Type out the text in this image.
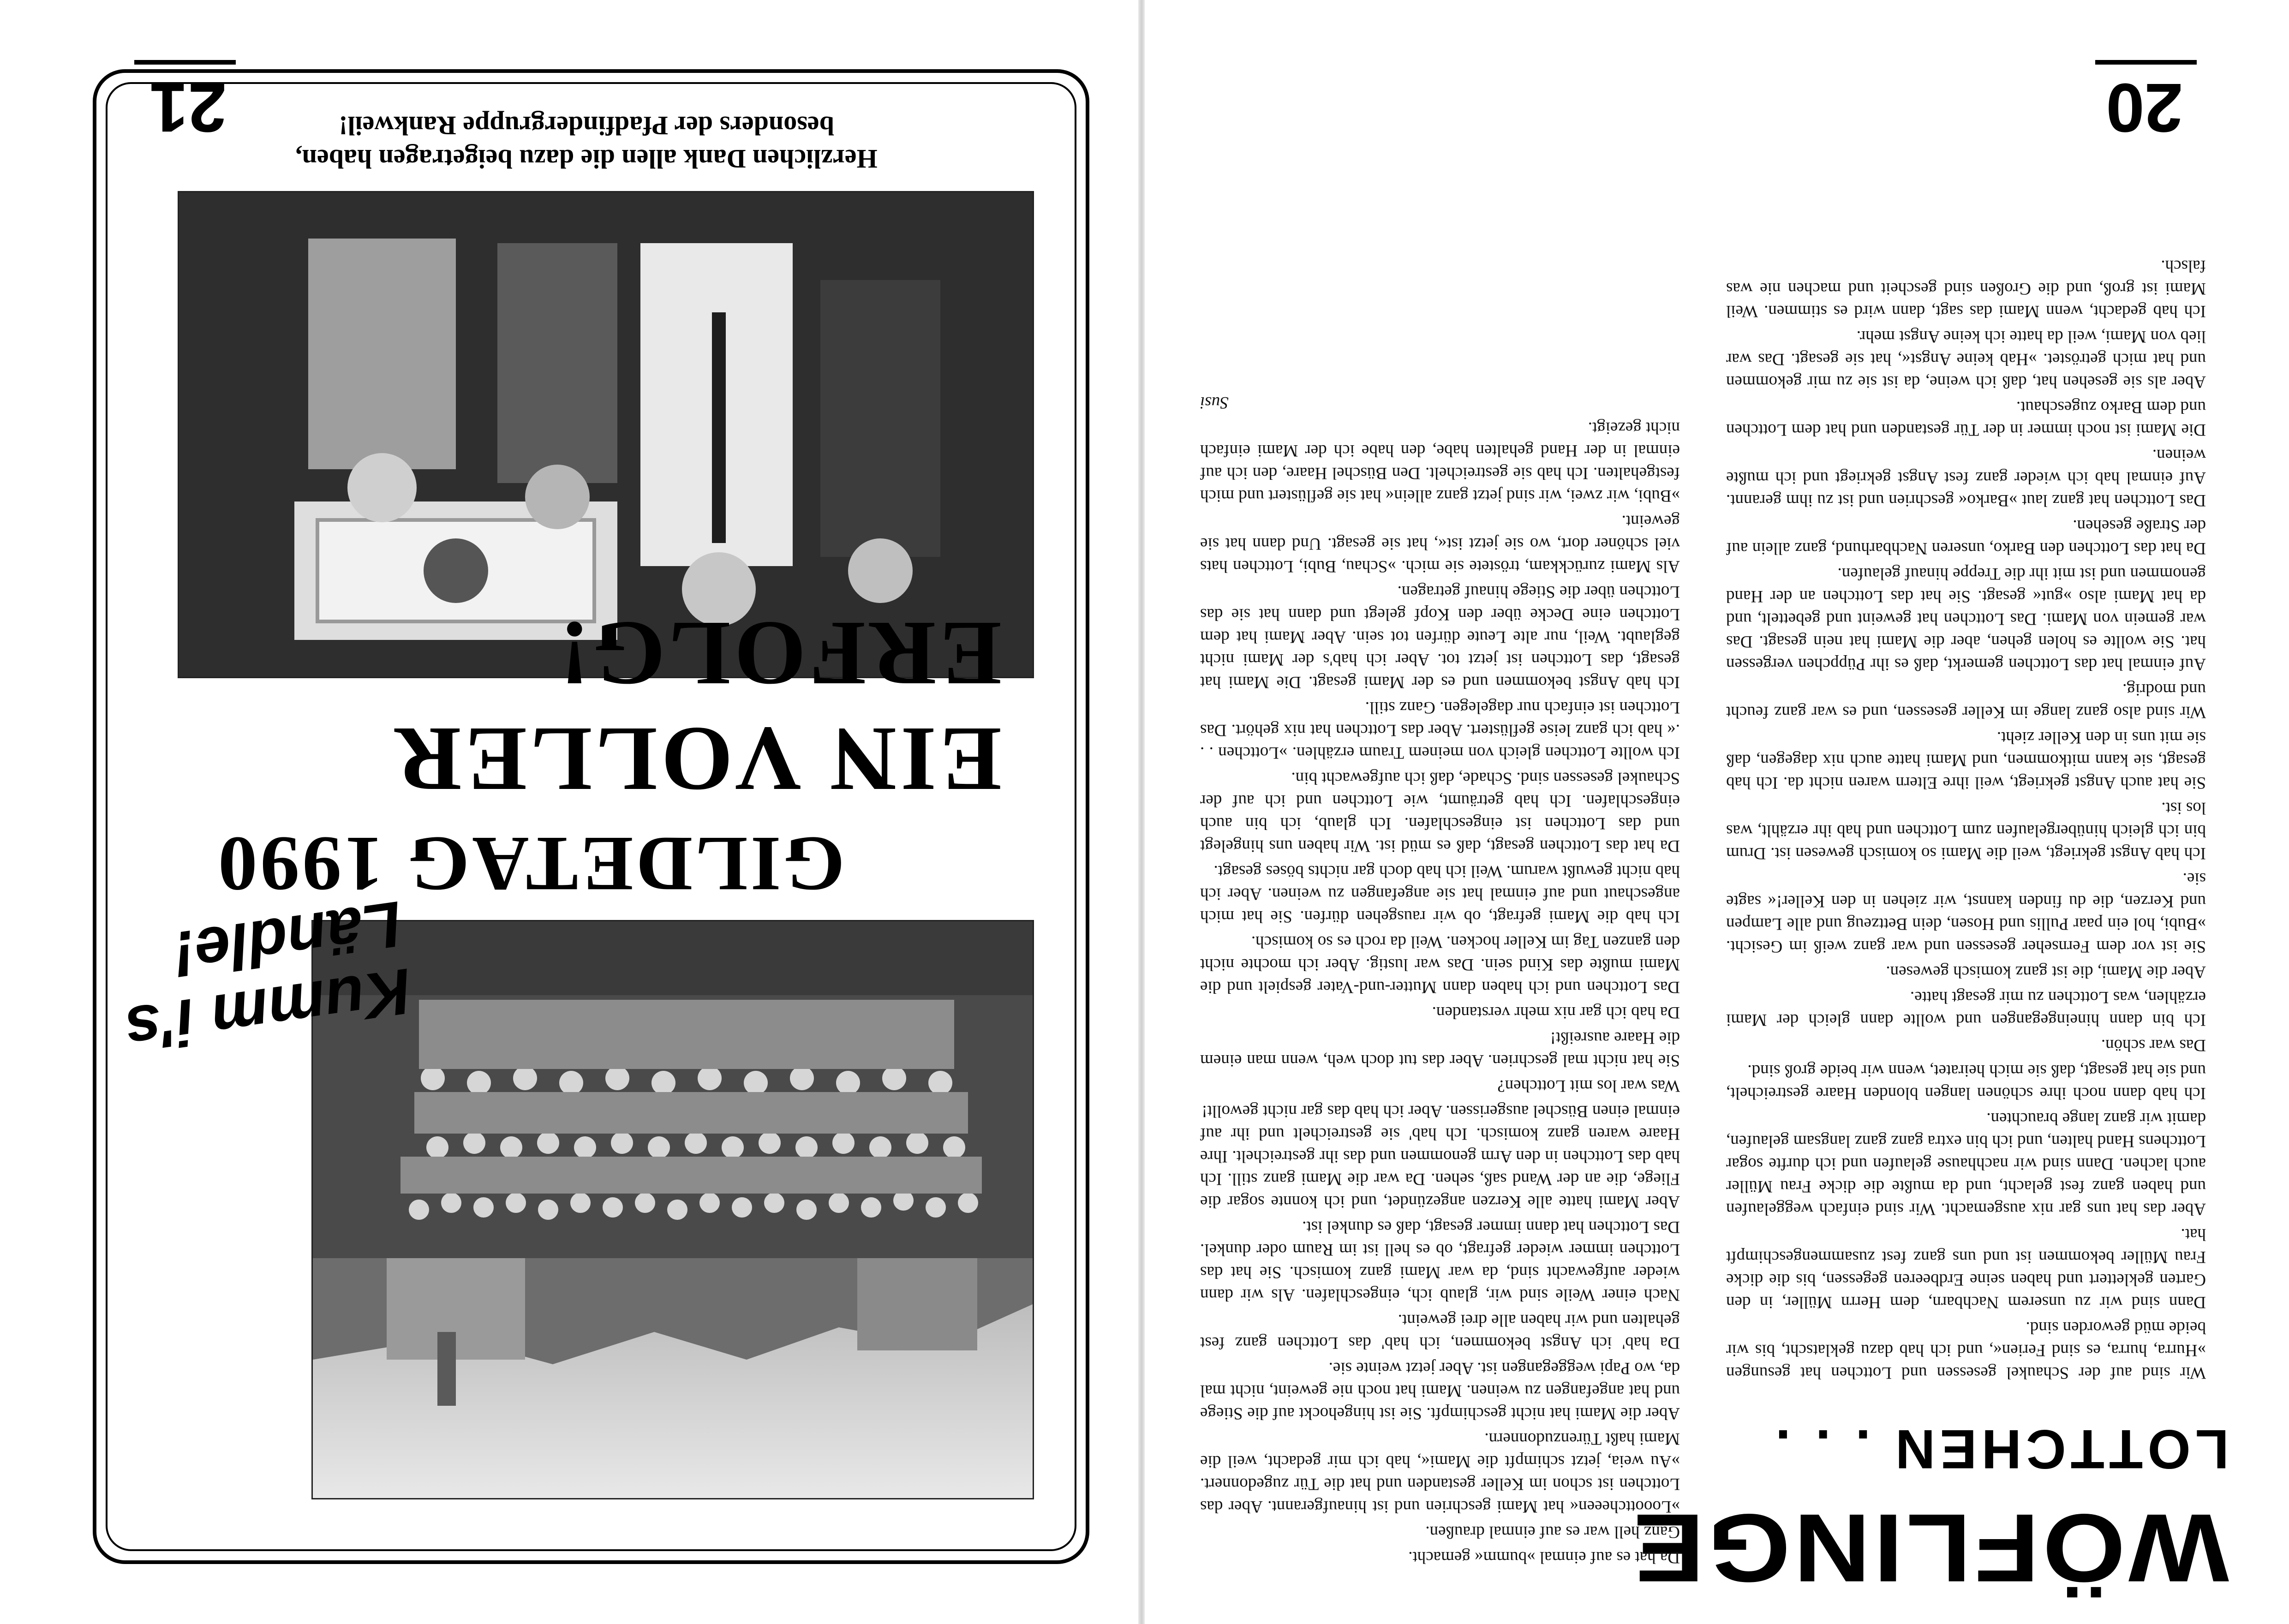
WÖFLINGE
LOTTCHEN . . .

Wir sind auf der Schaukel gesessen und Lottchen hat gesungen »Hurra, hurra, es sind Ferien«, und ich hab dazu geklatscht, bis wir beide müd geworden sind.

Dann sind wir zu unserem Nachbarn, dem Herrn Müller, in den Garten geklettert und haben seine Erdbeeren gegessen, bis die dicke Frau Müller bekommen ist und uns ganz fest zusammengeschimpft hat.

Aber das hat uns gar nix ausgemacht. Wir sind einfach weggelaufen und haben ganz fest gelacht, und da mußte die dicke Frau Müller auch lachen. Dann sind wir nachhause gelaufen und ich durfte sogar Lottchens Hand halten, und ich bin extra ganz ganz langsam gelaufen, damit wir ganz lange brauchten.

Ich hab dann noch ihre schönen langen blonden Haare gestreichelt, und sie hat gesagt, daß sie mich heiratet, wenn wir beide groß sind.

Das war schön.

Ich bin dann hineingegangen und wollte dann gleich der Mami erzählen, was Lottchen zu mir gesagt hatte.

Aber die Mami, die ist ganz komisch gewesen.

Sie ist vor dem Fernseher gesessen und war ganz weiß im Gesicht. »Bubi, hol ein paar Pullis und Hosen, dein Bettzeug und alle Lampen und Kerzen, die du finden kannst, wir ziehen in den Keller!« sagte sie.

Ich hab Angst gekriegt, weil die Mami so komisch gewesen ist. Drum bin ich gleich hinübergelaufen zum Lottchen und hab ihr erzählt, was los ist.

Sie hat auch Angst gekriegt, weil ihre Eltern waren nicht da. Ich hab gesagt, sie kann mitkommen, und Mami hatte auch nix dagegen, daß sie mit uns in den Keller zieht.

Wir sind also ganz lange im Keller gesessen, und es war ganz feucht und modrig.

Auf einmal hat das Lottchen gemerkt, daß es ihr Püppchen vergessen hat. Sie wollte es holen gehen, aber die Mami hat nein gesagt. Das war gemein von Mami. Das Lottchen hat geweint und gebettelt, und da hat Mami also »gut« gesagt. Sie hat das Lottchen an der Hand genommen und ist mit ihr die Treppe hinauf gelaufen.

Da hat das Lottchen den Barko, unseren Nachbarhund, ganz allein auf der Straße gesehen.

Das Lottchen hat ganz laut »Barko« geschrien und ist zu ihm gerannt. Auf einmal hab ich wieder ganz fest Angst gekriegt und ich mußte weinen.

Die Mami ist noch immer in der Tür gestanden und hat dem Lottchen und dem Barko zugeschaut.

Aber als sie gesehen hat, daß ich weine, da ist sie zu mir gekommen und hat mich getröstet. »Hab keine Angst«, hat sie gesagt. Das war lieb von Mami, weil da hatte ich keine Angst mehr.

Ich hab gedacht, wenn Mami das sagt, dann wird es stimmen. Weil Mami ist groß, und die Großen sind gescheit und machen nie was falsch.

Da hat es auf einmal »bumm« gemacht.

Ganz hell war es auf einmal draußen.

»Looottcheeen« hat Mami geschrien und ist hinaufgerannt. Aber das Lottchen ist schon im Keller gestanden und hat die Tür zugedonnert. »Au weia, jetzt schimpft die Mami«, hab ich mir gedacht, weil die Mami haßt Türenzudonnern.

Aber die Mami hat nicht geschimpft. Sie ist hingehockt auf die Stiege und hat angefangen zu weinen. Mami hat noch nie geweint, nicht mal da, wo Papi weggegangen ist. Aber jetzt weinte sie.

Da hab' ich Angst bekommen, ich hab' das Lottchen ganz fest gehalten und wir haben alle drei geweint.

Nach einer Weile sind wir, glaub ich, eingeschlafen. Als wir dann wieder aufgewacht sind, da war Mami ganz komisch. Sie hat das Lottchen immer wieder gefragt, ob es hell ist im Raum oder dunkel. Das Lottchen hat dann immer gesagt, daß es dunkel ist.

Aber Mami hatte alle Kerzen angezündet, und ich konnte sogar die Fliege, die an der Wand saß, sehen. Da war die Mami ganz still. Ich hab das Lottchen in den Arm genommen und das ihr gestreichelt. Ihre Haare waren ganz komisch. Ich hab' sie gestreichelt und ihr auf einmal einen Büschel ausgerissen. Aber ich hab das gar nicht gewollt!

Was war los mit Lottchen?

Sie hat nicht mal geschrien. Aber das tut doch weh, wenn man einem die Haare ausreißt!

Da hab ich gar nix mehr verstanden.

Das Lottchen und ich haben dann Mutter-und-Vater gespielt und die Mami mußte das Kind sein. Das war lustig. Aber ich mochte nicht den ganzen Tag im Keller hocken. Weil da roch es so komisch.

Ich hab die Mami gefragt, ob wir rausgehen dürfen. Sie hat mich angeschaut und auf einmal hat sie angefangen zu weinen. Aber ich hab nicht gewußt warum. Weil ich hab doch gar nichts böses gesagt.

Da hat das Lottchen gesagt, daß es müd ist. Wir haben uns hingelegt und das Lottchen ist eingeschlafen. Ich glaub, ich bin auch eingeschlafen. Ich hab geträumt, wie Lottchen und ich auf der Schaukel gesessen sind. Schade, daß ich aufgewacht bin.

Ich wollte Lottchen gleich von meinem Traum erzählen. »Lottchen . . .« hab ich ganz leise geflüstert. Aber das Lottchen hat nix gehört. Das Lottchen ist einfach nur dagelegen. Ganz still.

Ich hab Angst bekommen und es der Mami gesagt. Die Mami hat gesagt, das Lottchen ist jetzt tot. Aber ich hab's der Mami nicht geglaubt. Weil, nur alte Leute dürfen tot sein. Aber Mami hat dem Lottchen eine Decke über den Kopf gelegt und dann hat sie das Lottchen über die Stiege hinauf getragen.

Als Mami zurückkam, tröstete sie mich. »Schau, Bubi, Lottchen hats viel schöner dort, wo sie jetzt ist«, hat sie gesagt. Und dann hat sie geweint.

»Bubi, wir zwei, wir sind jetzt ganz allein« hat sie geflüstert und mich festgehalten. Ich hab sie gestreichelt. Den Büschel Haare, den ich auf einmal in der Hand gehalten habe, den habe ich der Mami einfach nicht gezeigt.

Susi

20
Kumm i's Ländle!
GILDETAG 1990
EIN VOLLER ERFOLG!
Herzlichen Dank allen die dazu beigetragen haben,
besonders der Pfadfindergruppe Rankweil!
21
